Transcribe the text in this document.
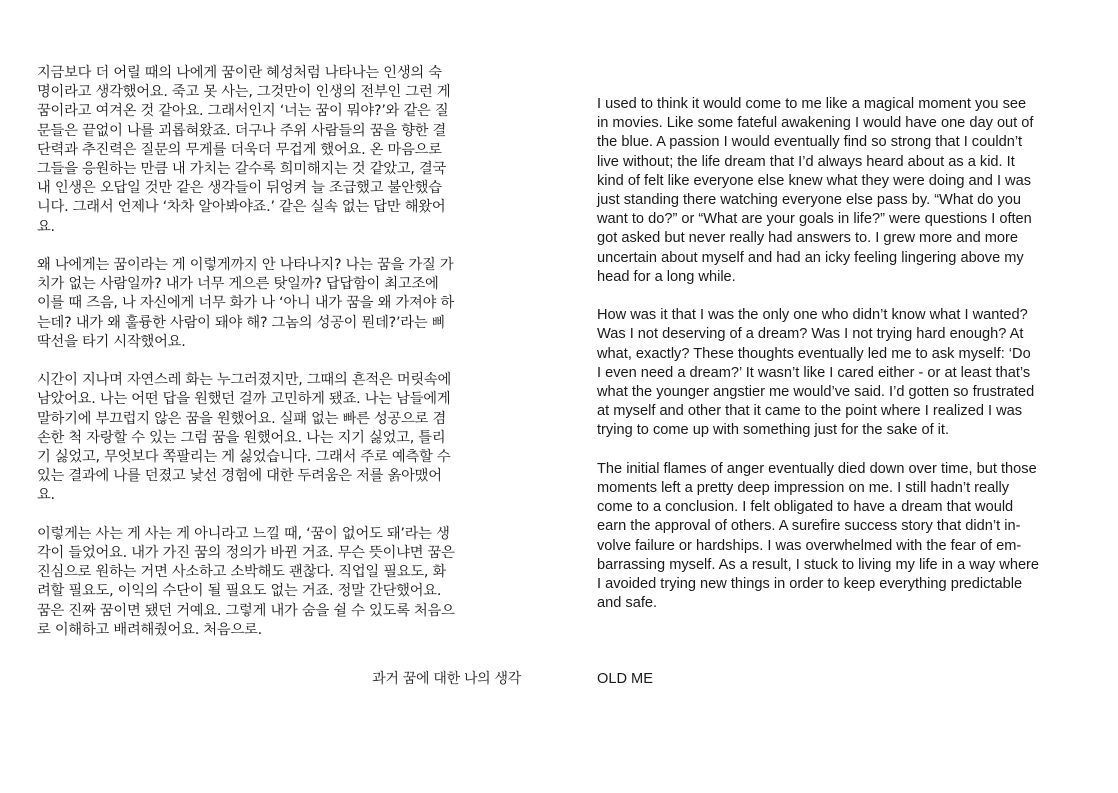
지금보다 더 어릴 때의 나에게 꿈이란 혜성처럼 나타나는 인생의 숙
명이라고 생각했어요. 죽고 못 사는, 그것만이 인생의 전부인 그런 게
꿈이라고 여겨온 것 같아요. 그래서인지 ‘너는 꿈이 뭐야?’와 같은 질
문들은 끝없이 나를 괴롭혀왔죠. 더구나 주위 사람들의 꿈을 향한 결
단력과 추진력은 질문의 무게를 더욱더 무겁게 했어요. 온 마음으로
그들을 응원하는 만큼 내 가치는 갈수록 희미해지는 것 같았고, 결국
내 인생은 오답일 것만 같은 생각들이 뒤엉켜 늘 조급했고 불안했습
니다. 그래서 언제나 ‘차차 알아봐야죠.’ 같은 실속 없는 답만 해왔어
요.

왜 나에게는 꿈이라는 게 이렇게까지 안 나타나지? 나는 꿈을 가질 가
치가 없는 사람일까? 내가 너무 게으른 탓일까? 답답함이 최고조에
이를 때 즈음, 나 자신에게 너무 화가 나 ‘아니 내가 꿈을 왜 가져야 하
는데? 내가 왜 훌륭한 사람이 돼야 해? 그놈의 성공이 뭔데?’라는 삐
딱선을 타기 시작했어요.

시간이 지나며 자연스레 화는 누그러졌지만, 그때의 흔적은 머릿속에
남았어요. 나는 어떤 답을 원했던 걸까 고민하게 됐죠. 나는 남들에게
말하기에 부끄럽지 않은 꿈을 원했어요. 실패 없는 빠른 성공으로 겸
손한 척 자랑할 수 있는 그럼 꿈을 원했어요. 나는 지기 싫었고, 틀리
기 싫었고, 무엇보다 쪽팔리는 게 싫었습니다. 그래서 주로 예측할 수
있는 결과에 나를 던졌고 낯선 경험에 대한 두려움은 저를 옭아맸어
요.

이렇게는 사는 게 사는 게 아니라고 느낄 때, ‘꿈이 없어도 돼’라는 생
각이 들었어요. 내가 가진 꿈의 정의가 바뀐 거죠. 무슨 뜻이냐면 꿈은
진심으로 원하는 거면 사소하고 소박해도 괜찮다. 직업일 필요도, 화
려할 필요도, 이익의 수단이 될 필요도 없는 거죠. 정말 간단했어요.
꿈은 진짜 꿈이면 됐던 거예요. 그렇게 내가 숨을 쉴 수 있도록 처음으
로 이해하고 배려해줬어요. 처음으로.

과거 꿈에 대한 나의 생각

I used to think it would come to me like a magical moment you see
in movies. Like some fateful awakening I would have one day out of
the blue. A passion I would eventually find so strong that I couldn’t
live without; the life dream that I’d always heard about as a kid. It
kind of felt like everyone else knew what they were doing and I was
just standing there watching everyone else pass by. “What do you
want to do?” or “What are your goals in life?” were questions I often
got asked but never really had answers to. I grew more and more
uncertain about myself and had an icky feeling lingering above my
head for a long while.

How was it that I was the only one who didn’t know what I wanted?
Was I not deserving of a dream? Was I not trying hard enough? At
what, exactly? These thoughts eventually led me to ask myself: ‘Do
I even need a dream?’ It wasn’t like I cared either - or at least that’s
what the younger angstier me would’ve said. I’d gotten so frustrated
at myself and other that it came to the point where I realized I was
trying to come up with something just for the sake of it.

The initial flames of anger eventually died down over time, but those
moments left a pretty deep impression on me. I still hadn’t really
come to a conclusion. I felt obligated to have a dream that would
earn the approval of others. A surefire success story that didn’t in-
volve failure or hardships. I was overwhelmed with the fear of em-
barrassing myself. As a result, I stuck to living my life in a way where
I avoided trying new things in order to keep everything predictable
and safe.

OLD ME
